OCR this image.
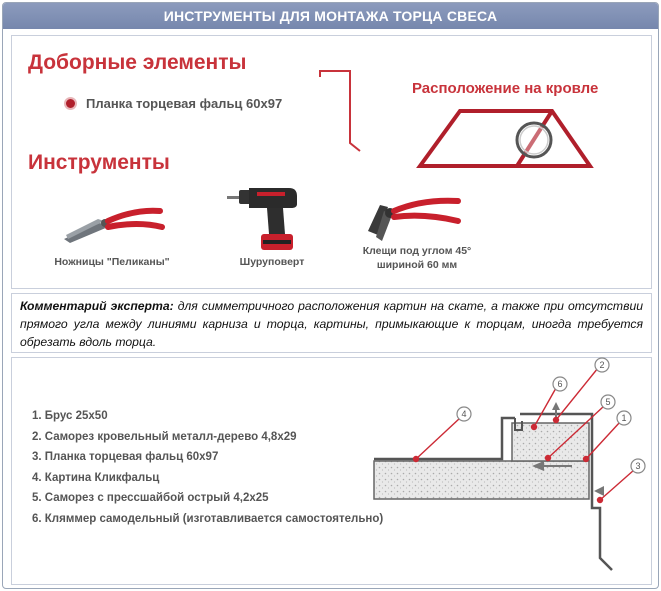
ИНСТРУМЕНТЫ ДЛЯ МОНТАЖА ТОРЦА СВЕСА
Доборные элементы
Планка торцевая фальц 60х97
Расположение на кровле
Инструменты
Ножницы "Пеликаны"	Шуруповерт
Клещи под углом 45°
шириной 60 мм
Комментарий эксперта: для симметричного расположения картин на скате, а также при отсутствии прямого угла между линиями карниза и торца, картины, примыкающие к торцам, иногда требуется обрезать вдоль торца.
1. Брус 25х50
2. Саморез кровельный металл-дерево 4,8х29
3. Планка торцевая фальц 60х97
4. Картина Кликфальц
5. Саморез с прессшайбой острый 4,2х25
6. Кляммер самодельный (изготавливается самостоятельно)
4
6
2
5
1
3
